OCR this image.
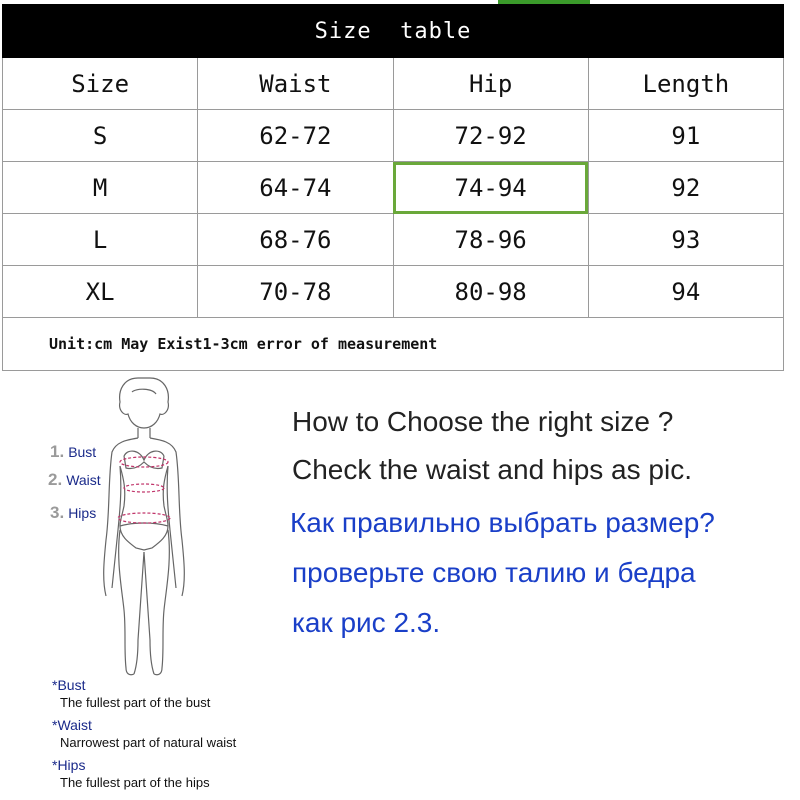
Size  table			
Size	Waist	Hip	Length
S	62-72	72-92	91
M	64-74	74-94	92
L	68-76	78-96	93
XL	70-78	80-98	94
Unit:cm May Exist1-3cm error of measurement			
1. Bust
2. Waist
3. Hips
*Bust
The fullest part of the bust
*Waist
Narrowest part of natural waist
*Hips
The fullest part of the hips
How to Choose the right size ?
Check the waist and hips as pic.
Как правильно выбрать размер?
проверьте свою талию и бедра
как рис 2.3.
